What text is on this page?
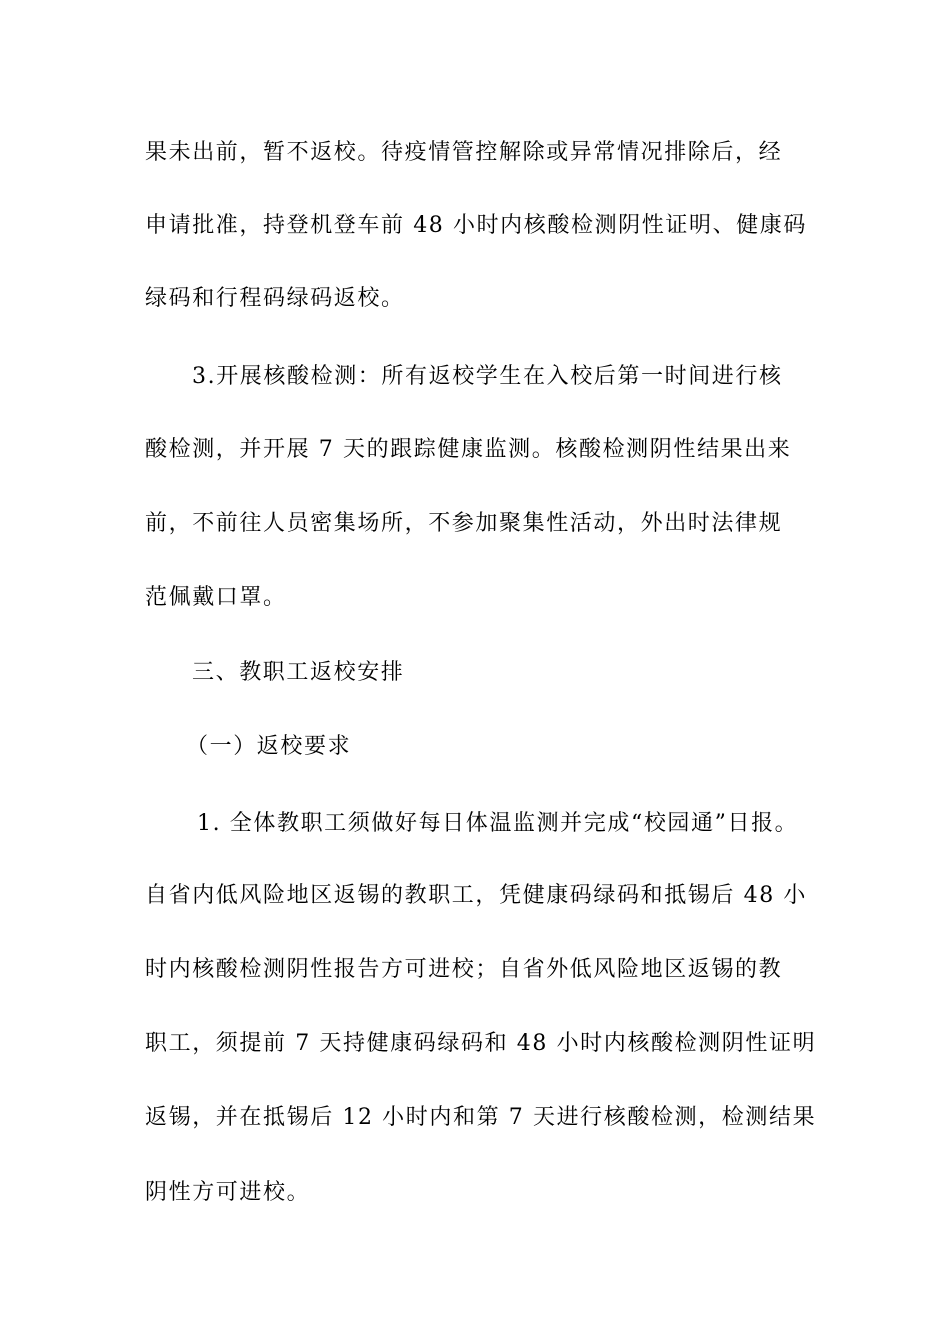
果未出前，暂不返校。待疫情管控解除或异常情况排除后，经
申请批准，持登机登车前 48 小时内核酸检测阴性证明、健康码
绿码和行程码绿码返校。
3.开展核酸检测：所有返校学生在入校后第一时间进行核
酸检测，并开展 7 天的跟踪健康监测。核酸检测阴性结果出来
前，不前往人员密集场所，不参加聚集性活动，外出时法律规
范佩戴口罩。
三、教职工返校安排
（一）返校要求
1. 全体教职工须做好每日体温监测并完成“校园通”日报。
自省内低风险地区返锡的教职工，凭健康码绿码和抵锡后 48 小
时内核酸检测阴性报告方可进校；自省外低风险地区返锡的教
职工，须提前 7 天持健康码绿码和 48 小时内核酸检测阴性证明
返锡，并在抵锡后 12 小时内和第 7 天进行核酸检测，检测结果
阴性方可进校。
